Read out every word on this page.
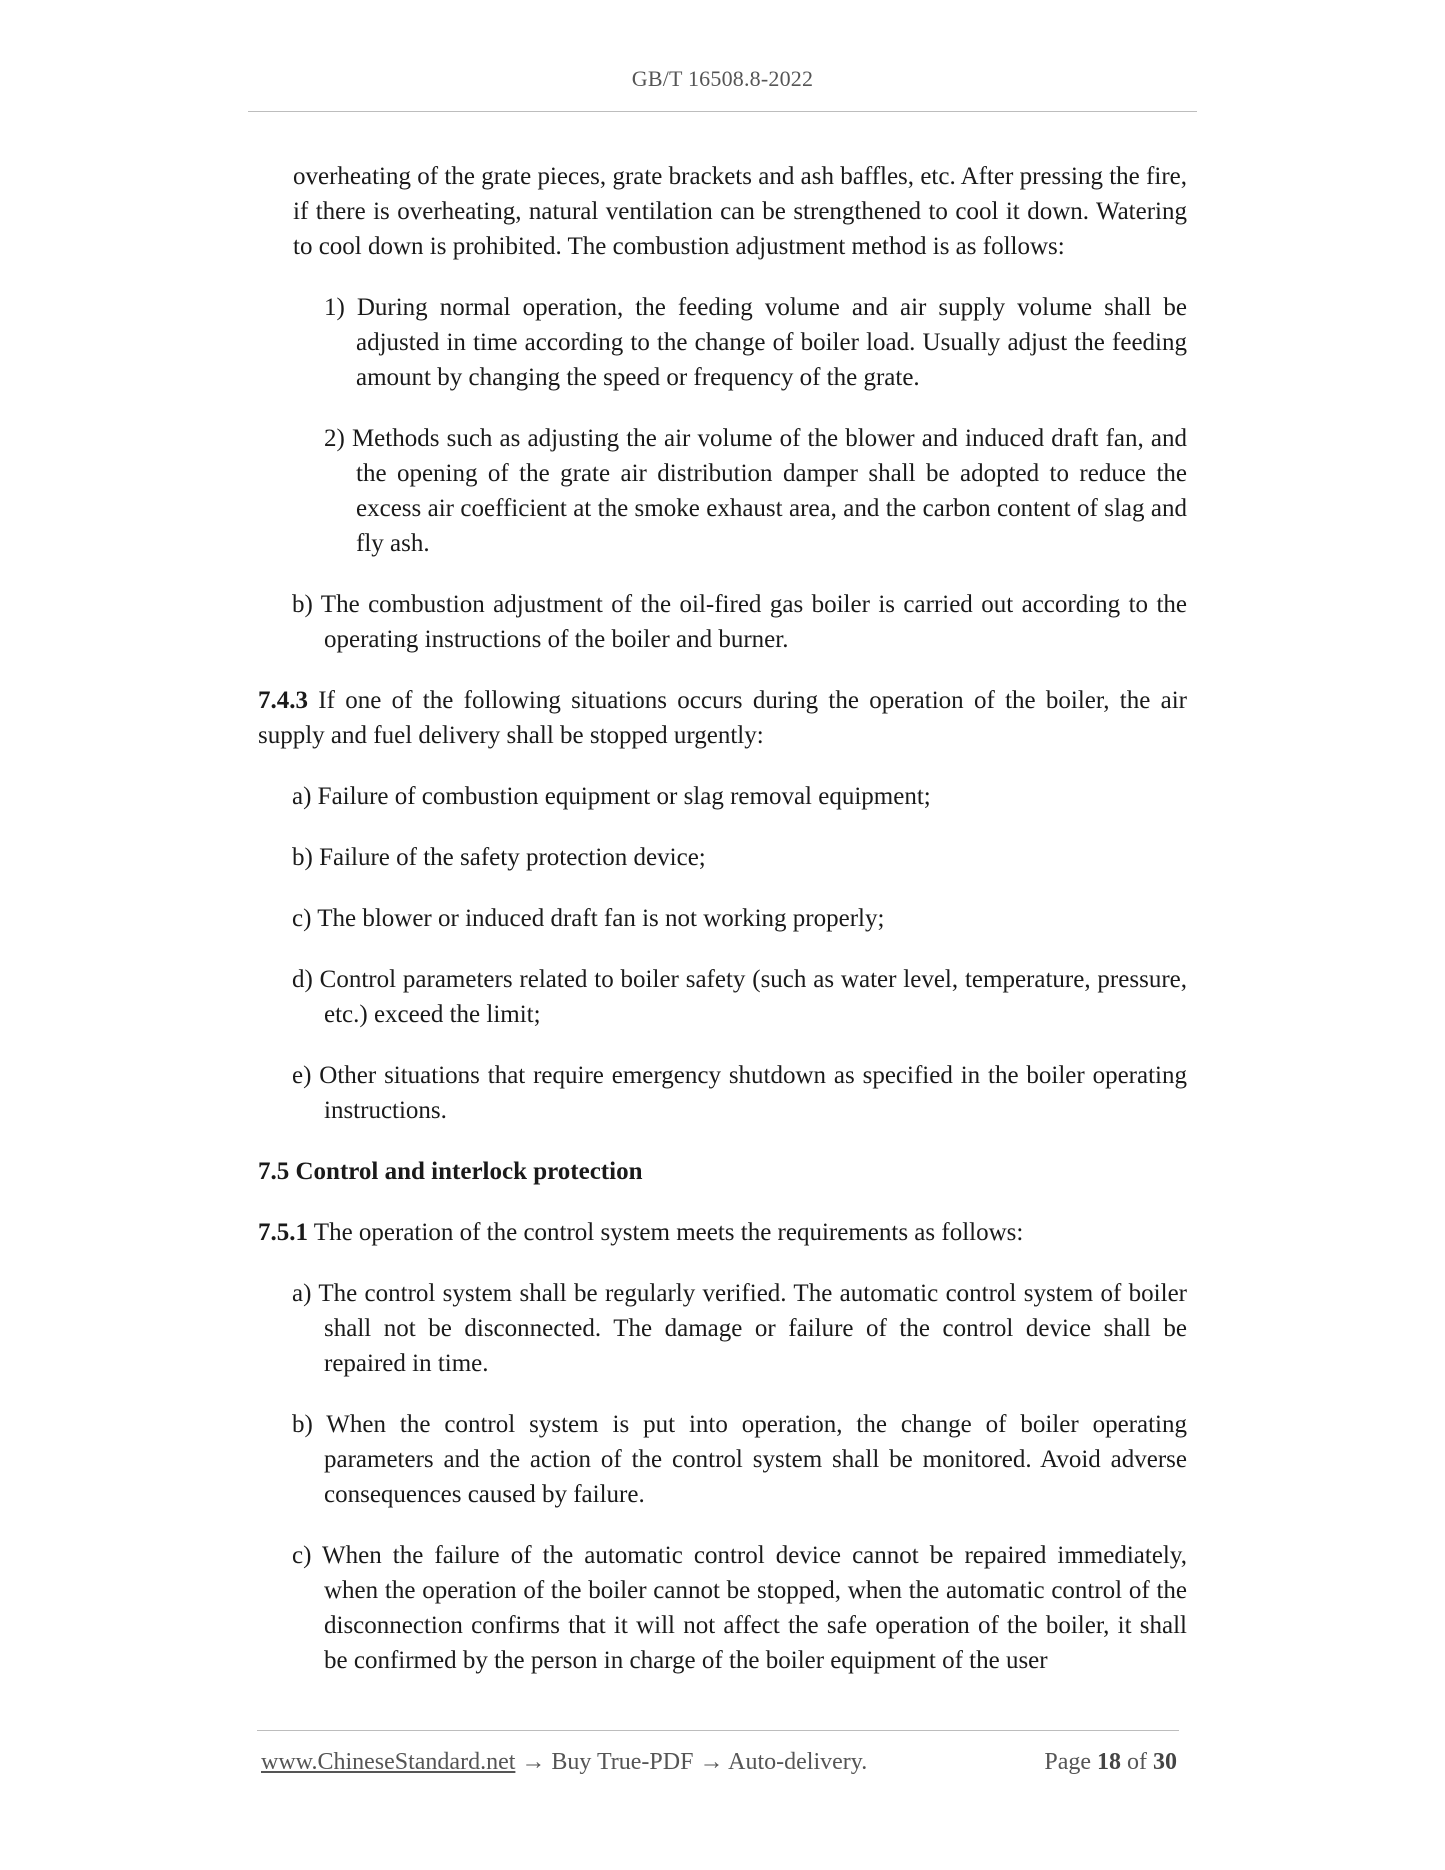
GB/T 16508.8-2022

overheating of the grate pieces, grate brackets and ash baffles, etc. After pressing the fire, if there is overheating, natural ventilation can be strengthened to cool it down. Watering to cool down is prohibited. The combustion adjustment method is as follows:

1) During normal operation, the feeding volume and air supply volume shall be adjusted in time according to the change of boiler load. Usually adjust the feeding amount by changing the speed or frequency of the grate.

2) Methods such as adjusting the air volume of the blower and induced draft fan, and the opening of the grate air distribution damper shall be adopted to reduce the excess air coefficient at the smoke exhaust area, and the carbon content of slag and fly ash.

b) The combustion adjustment of the oil-fired gas boiler is carried out according to the operating instructions of the boiler and burner.

7.4.3 If one of the following situations occurs during the operation of the boiler, the air supply and fuel delivery shall be stopped urgently:

a) Failure of combustion equipment or slag removal equipment;

b) Failure of the safety protection device;

c) The blower or induced draft fan is not working properly;

d) Control parameters related to boiler safety (such as water level, temperature, pressure, etc.) exceed the limit;

e) Other situations that require emergency shutdown as specified in the boiler operating instructions.

7.5 Control and interlock protection

7.5.1 The operation of the control system meets the requirements as follows:

a) The control system shall be regularly verified. The automatic control system of boiler shall not be disconnected. The damage or failure of the control device shall be repaired in time.

b) When the control system is put into operation, the change of boiler operating parameters and the action of the control system shall be monitored. Avoid adverse consequences caused by failure.

c) When the failure of the automatic control device cannot be repaired immediately, when the operation of the boiler cannot be stopped, when the automatic control of the disconnection confirms that it will not affect the safe operation of the boiler, it shall be confirmed by the person in charge of the boiler equipment of the user

www.ChineseStandard.net → Buy True-PDF → Auto-delivery.	Page 18 of 30
